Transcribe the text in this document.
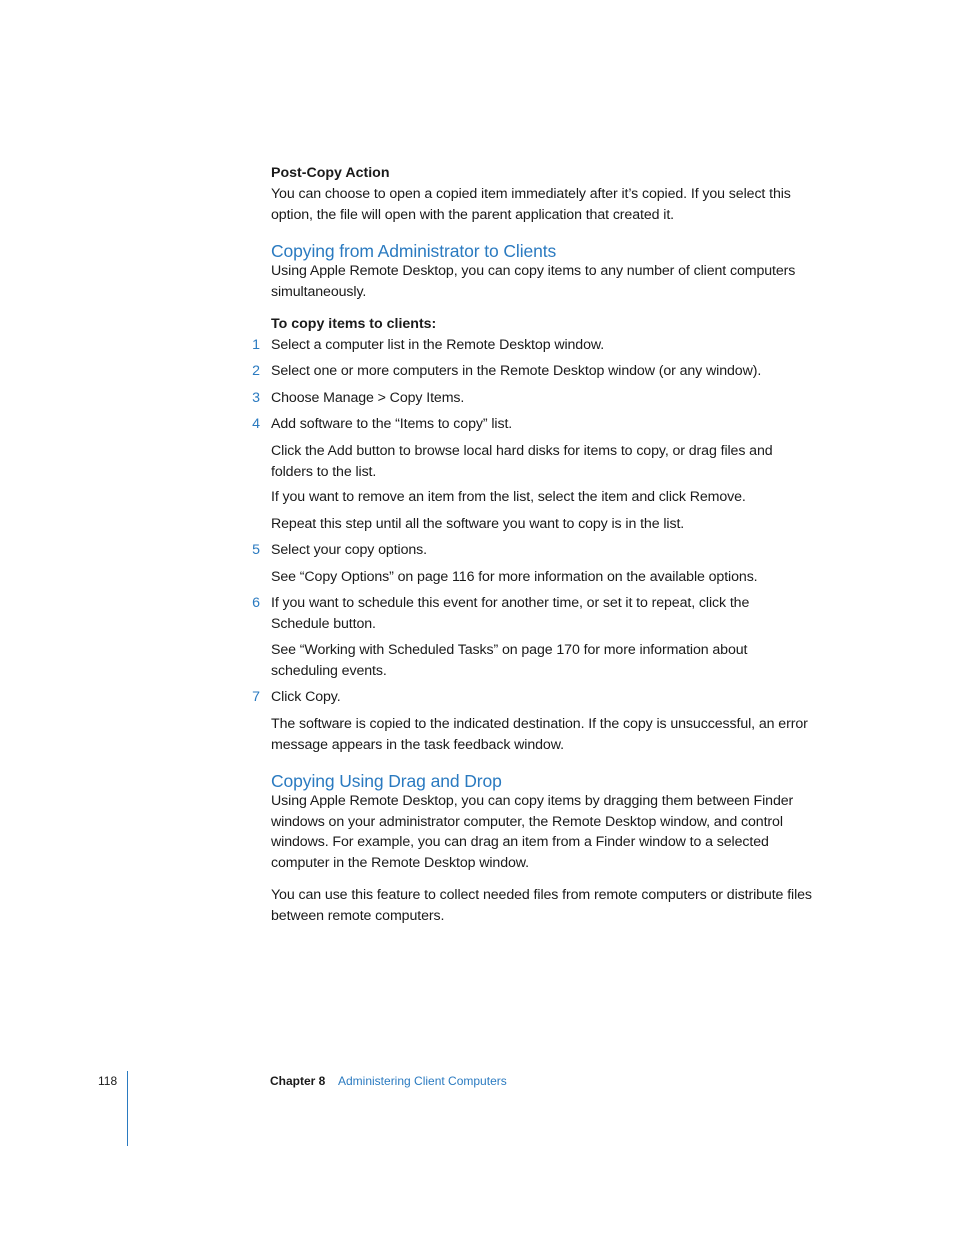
Post-Copy Action

You can choose to open a copied item immediately after it’s copied. If you select this option, the file will open with the parent application that created it.

Copying from Administrator to Clients

Using Apple Remote Desktop, you can copy items to any number of client computers simultaneously.

To copy items to clients:

1 Select a computer list in the Remote Desktop window.

2 Select one or more computers in the Remote Desktop window (or any window).

3 Choose Manage > Copy Items.

4 Add software to the “Items to copy” list.

Click the Add button to browse local hard disks for items to copy, or drag files and folders to the list.

If you want to remove an item from the list, select the item and click Remove.

Repeat this step until all the software you want to copy is in the list.

5 Select your copy options.

See “Copy Options” on page 116 for more information on the available options.

6 If you want to schedule this event for another time, or set it to repeat, click the Schedule button.

See “Working with Scheduled Tasks” on page 170 for more information about scheduling events.

7 Click Copy.

The software is copied to the indicated destination. If the copy is unsuccessful, an error message appears in the task feedback window.

Copying Using Drag and Drop

Using Apple Remote Desktop, you can copy items by dragging them between Finder windows on your administrator computer, the Remote Desktop window, and control windows. For example, you can drag an item from a Finder window to a selected computer in the Remote Desktop window.

You can use this feature to collect needed files from remote computers or distribute files between remote computers.

118	Chapter 8 Administering Client Computers
